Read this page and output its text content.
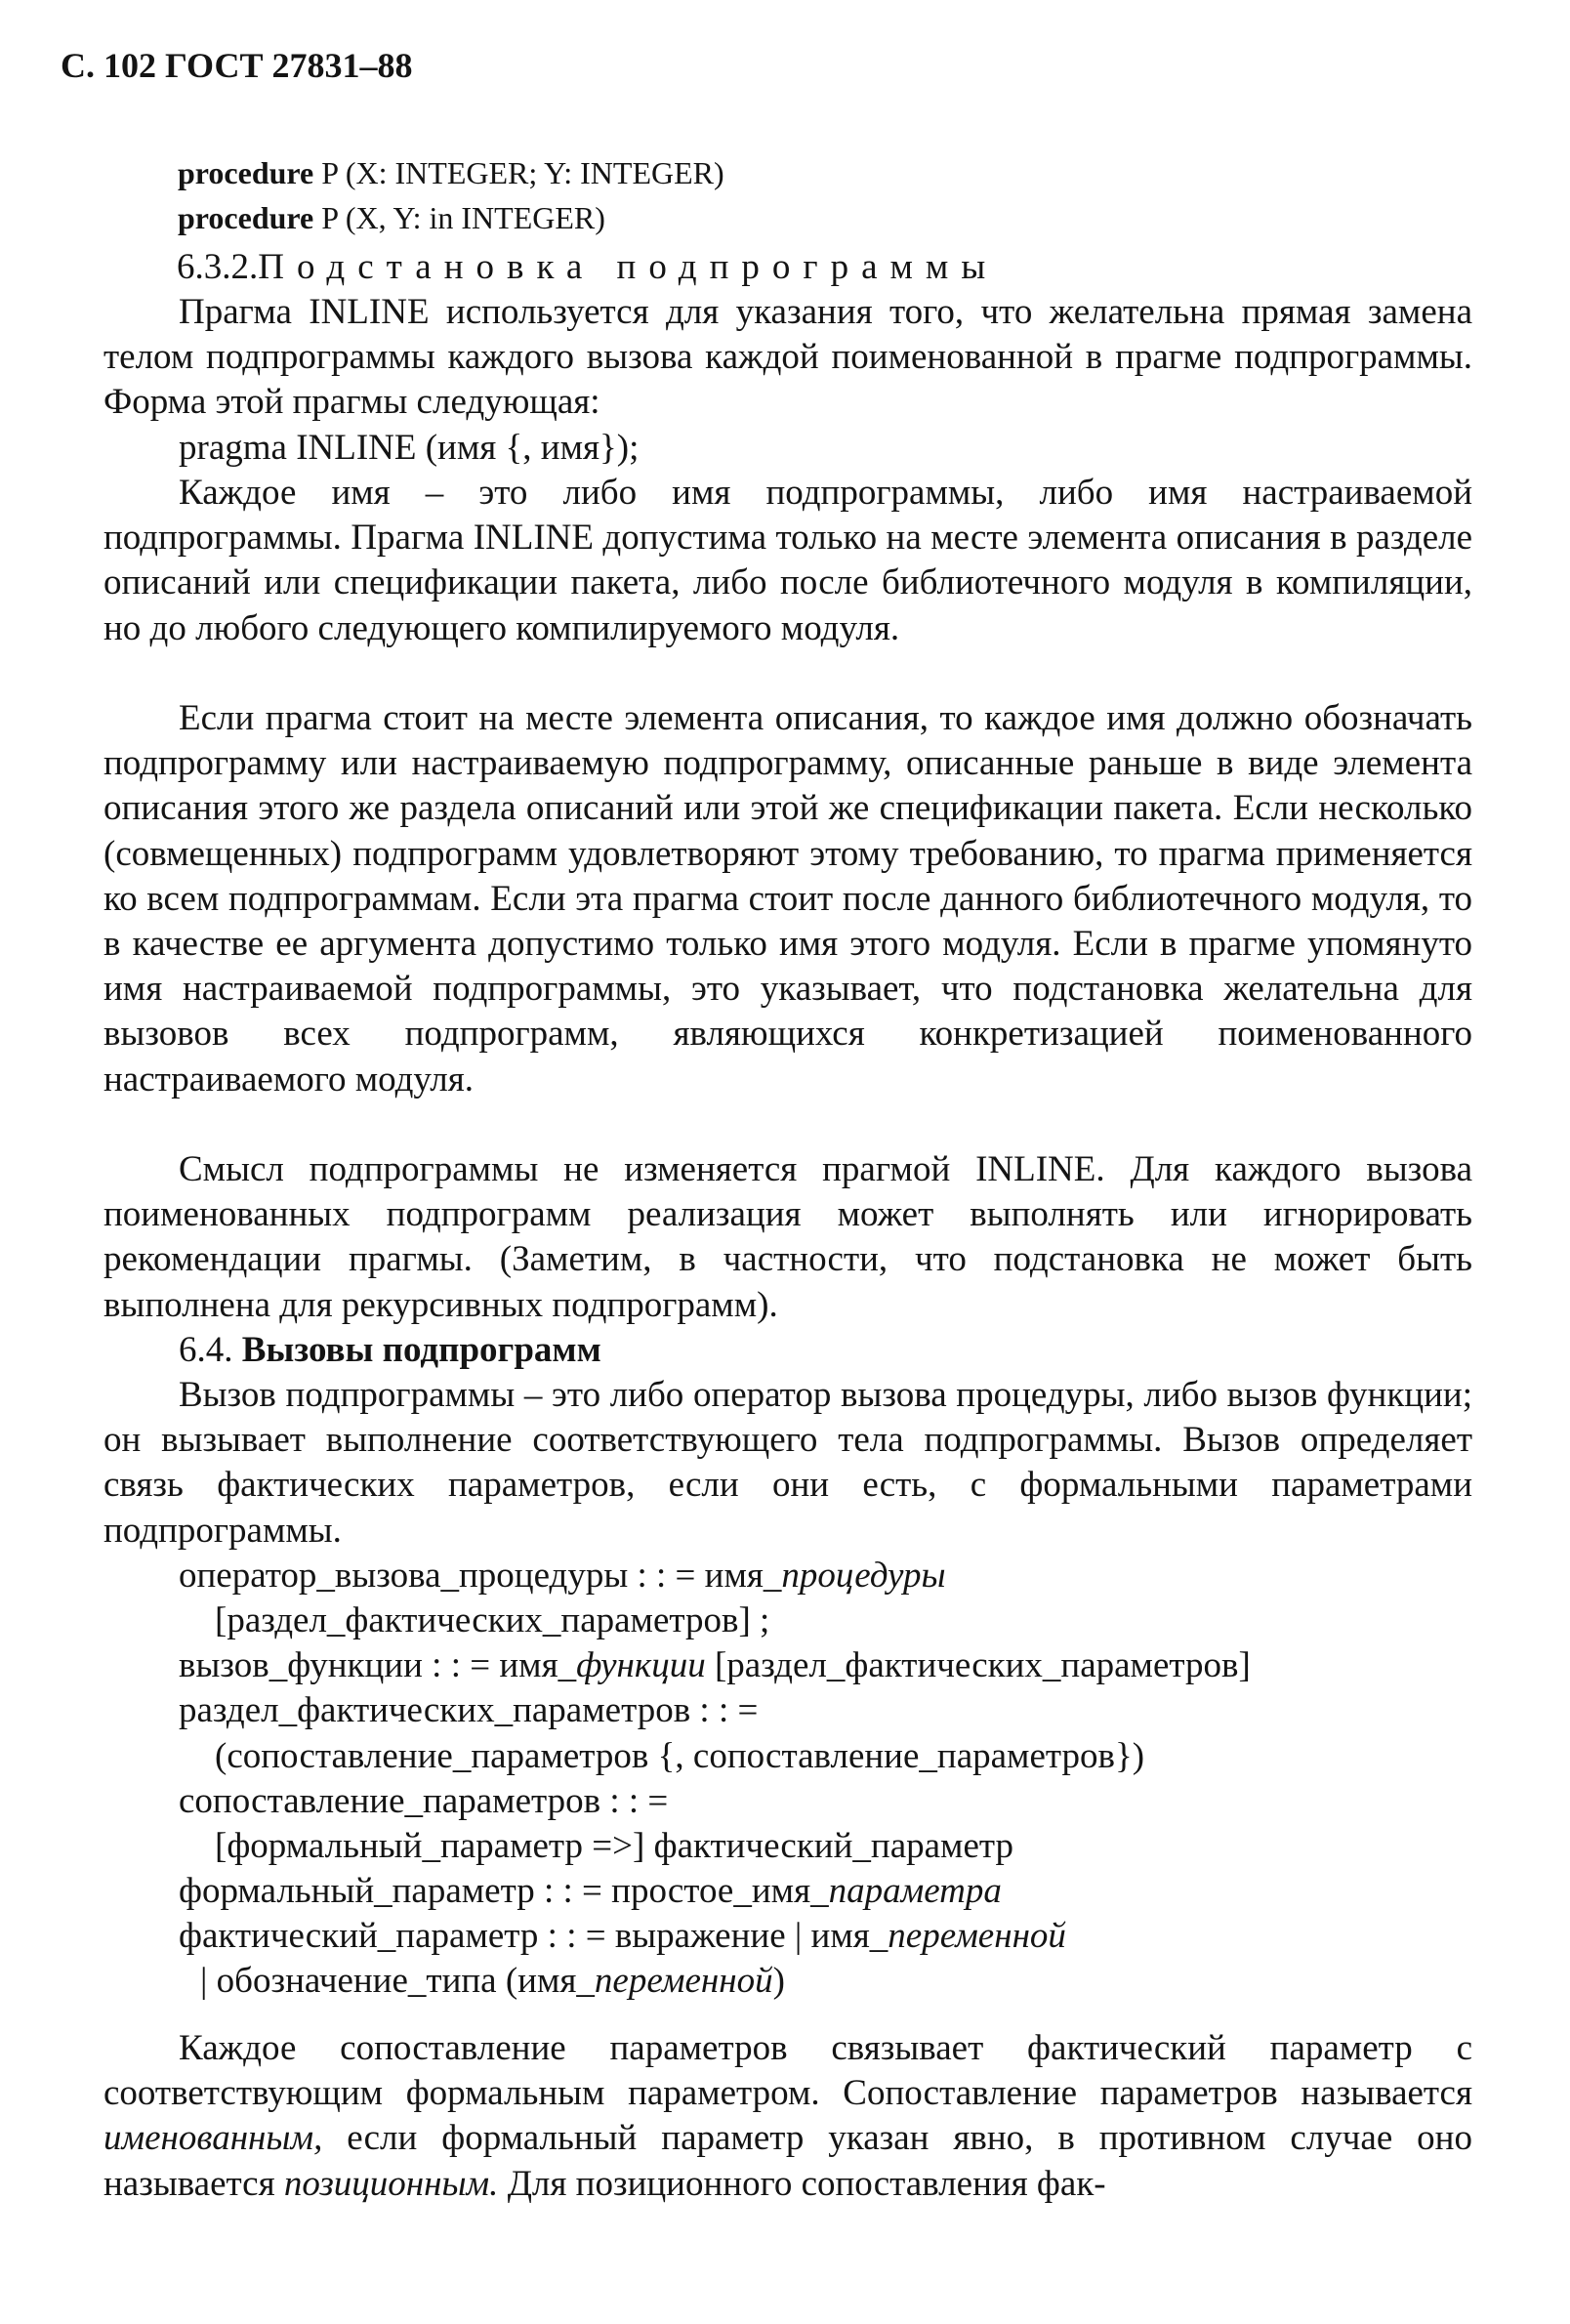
С. 102 ГОСТ 27831–88
procedure P (X: INTEGER; Y: INTEGER)
procedure P (X, Y: in INTEGER)
6.3.2.Подстановка подпрограммы

Прагма INLINE используется для указания того, что желательна прямая замена телом подпрограммы каждого вызова каждой поименованной в прагме подпрограммы. Форма этой прагмы следующая:

pragma INLINE (имя {, имя});

Каждое имя – это либо имя подпрограммы, либо имя настраиваемой подпрограммы. Прагма INLINE допустима только на месте элемента описания в разделе описаний или спецификации пакета, либо после библиотечного модуля в компиляции, но до любого следующего компилируемого модуля.

Если прагма стоит на месте элемента описания, то каждое имя должно обозначать подпрограмму или настраиваемую подпрограмму, описанные раньше в виде элемента описания этого же раздела описаний или этой же спецификации пакета. Если несколько (совмещенных) подпрограмм удовлетворяют этому требованию, то прагма применяется ко всем подпрограммам. Если эта прагма стоит после данного библиотечного модуля, то в качестве ее аргумента допустимо только имя этого модуля. Если в прагме упомянуто имя настраиваемой подпрограммы, это указывает, что подстановка желательна для вызовов всех подпрограмм, являющихся конкретизацией поименованного настраиваемого модуля.

Смысл подпрограммы не изменяется прагмой INLINE. Для каждого вызова поименованных подпрограмм реализация может выполнять или игнорировать рекомендации прагмы. (Заметим, в частности, что подстановка не может быть выполнена для рекурсивных подпрограмм).

6.4. Вызовы подпрограмм

Вызов подпрограммы – это либо оператор вызова процедуры, либо вызов функции; он вызывает выполнение соответствующего тела подпрограммы. Вызов определяет связь фактических параметров, если они есть, с формальными параметрами подпрограммы.

оператор_вызова_процедуры : : = имя_процедуры
[раздел_фактических_параметров] ;
вызов_функции : : = имя_функции [раздел_фактических_параметров]
раздел_фактических_параметров : : =
(сопоставление_параметров {, сопоставление_параметров})
сопоставление_параметров : : =
[формальный_параметр =>] фактический_параметр
формальный_параметр : : = простое_имя_параметра
фактический_параметр : : = выражение | имя_переменной
| обозначение_типа (имя_переменной)

Каждое сопоставление параметров связывает фактический параметр с соответствующим формальным параметром. Сопоставление параметров называется именованным, если формальный параметр указан явно, в противном случае оно называется позиционным. Для позиционного сопоставления фак-
